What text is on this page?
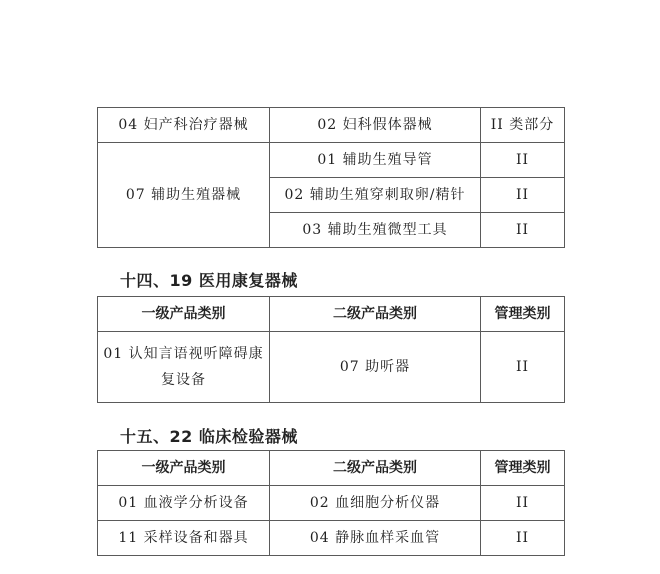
04 妇产科治疗器械	02 妇科假体器械	II 类部分
07 辅助生殖器械	01 辅助生殖导管	II
	02 辅助生殖穿刺取卵/精针	II
	03 辅助生殖微型工具	II
十四、19 医用康复器械
一级产品类别	二级产品类别	管理类别
01 认知言语视听障碍康复设备	07 助听器	II
十五、22 临床检验器械
一级产品类别	二级产品类别	管理类别
01 血液学分析设备	02 血细胞分析仪器	II
11 采样设备和器具	04 静脉血样采血管	II
